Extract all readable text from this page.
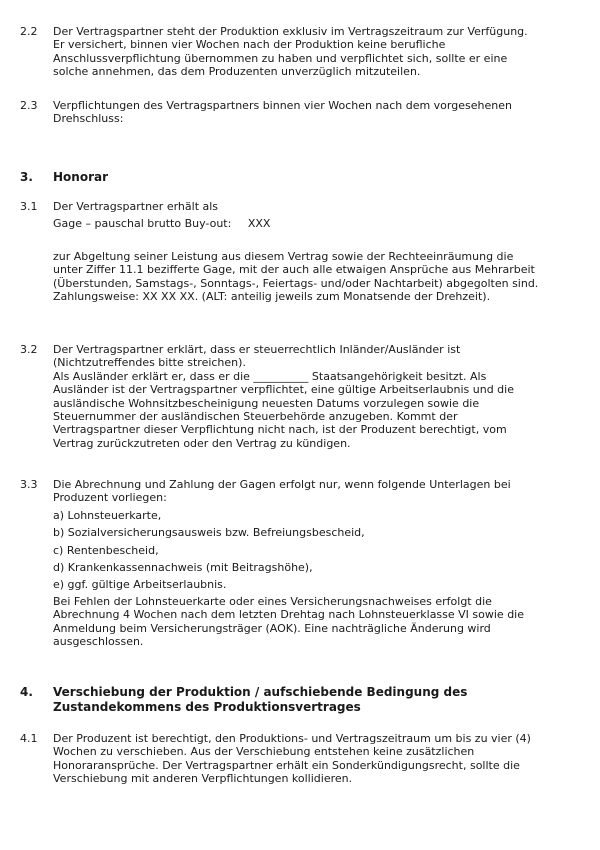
2.2 Der Vertragspartner steht der Produktion exklusiv im Vertragszeitraum zur Verfügung. Er versichert, binnen vier Wochen nach der Produktion keine berufliche Anschlussverpflichtung übernommen zu haben und verpflichtet sich, sollte er eine solche annehmen, das dem Produzenten unverzüglich mitzuteilen.

2.3 Verpflichtungen des Vertragspartners binnen vier Wochen nach dem vorgesehenen Drehschluss:

3. Honorar

3.1 Der Vertragspartner erhält als

Gage – pauschal brutto Buy-out: XXX

zur Abgeltung seiner Leistung aus diesem Vertrag sowie der Rechteeinräumung die unter Ziffer 11.1 bezifferte Gage, mit der auch alle etwaigen Ansprüche aus Mehrarbeit (Überstunden, Samstags-, Sonntags-, Feiertags- und/oder Nachtarbeit) abgegolten sind.

Zahlungsweise: XX XX XX. (ALT: anteilig jeweils zum Monatsende der Drehzeit).

3.2 Der Vertragspartner erklärt, dass er steuerrechtlich Inländer/Ausländer ist (Nichtzutreffendes bitte streichen).

Als Ausländer erklärt er, dass er die __________ Staatsangehörigkeit besitzt. Als Ausländer ist der Vertragspartner verpflichtet, eine gültige Arbeitserlaubnis und die ausländische Wohnsitzbescheinigung neuesten Datums vorzulegen sowie die Steuernummer der ausländischen Steuerbehörde anzugeben. Kommt der Vertragspartner dieser Verpflichtung nicht nach, ist der Produzent berechtigt, vom Vertrag zurückzutreten oder den Vertrag zu kündigen.

3.3 Die Abrechnung und Zahlung der Gagen erfolgt nur, wenn folgende Unterlagen bei Produzent vorliegen:

a) Lohnsteuerkarte,

b) Sozialversicherungsausweis bzw. Befreiungsbescheid,

c) Rentenbescheid,

d) Krankenkassennachweis (mit Beitragshöhe),

e) ggf. gültige Arbeitserlaubnis.

Bei Fehlen der Lohnsteuerkarte oder eines Versicherungsnachweises erfolgt die Abrechnung 4 Wochen nach dem letzten Drehtag nach Lohnsteuerklasse VI sowie die Anmeldung beim Versicherungsträger (AOK). Eine nachträgliche Änderung wird ausgeschlossen.

4. Verschiebung der Produktion / aufschiebende Bedingung des Zustandekommens des Produktionsvertrages

4.1 Der Produzent ist berechtigt, den Produktions- und Vertragszeitraum um bis zu vier (4) Wochen zu verschieben. Aus der Verschiebung entstehen keine zusätzlichen Honoraransprüche. Der Vertragspartner erhält ein Sonderkündigungsrecht, sollte die Verschiebung mit anderen Verpflichtungen kollidieren.
